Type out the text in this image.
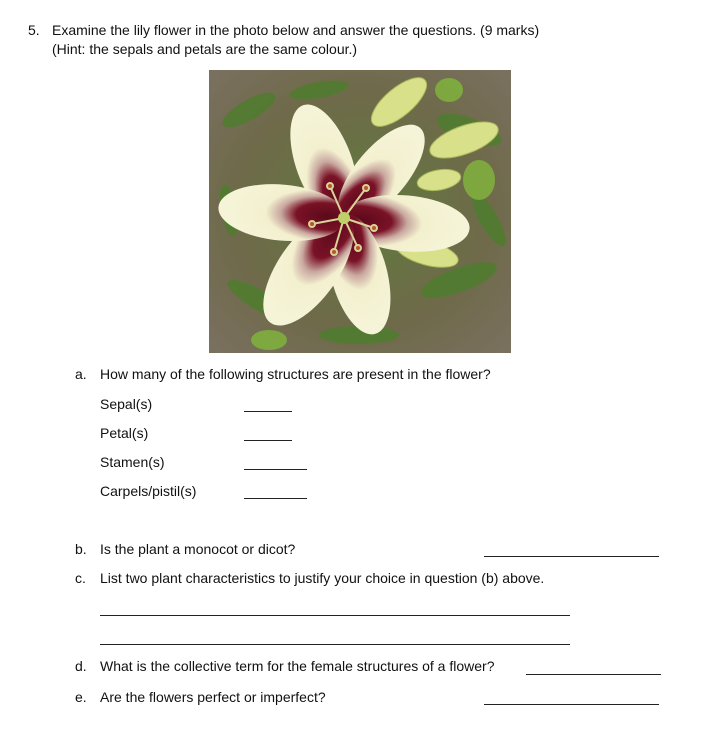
5. Examine the lily flower in the photo below and answer the questions. (9 marks)
(Hint: the sepals and petals are the same colour.)
a. How many of the following structures are present in the flower?
Sepal(s)
Petal(s)
Stamen(s)
Carpels/pistil(s)
b. Is the plant a monocot or dicot?
c. List two plant characteristics to justify your choice in question (b) above.
d. What is the collective term for the female structures of a flower?
e. Are the flowers perfect or imperfect?
